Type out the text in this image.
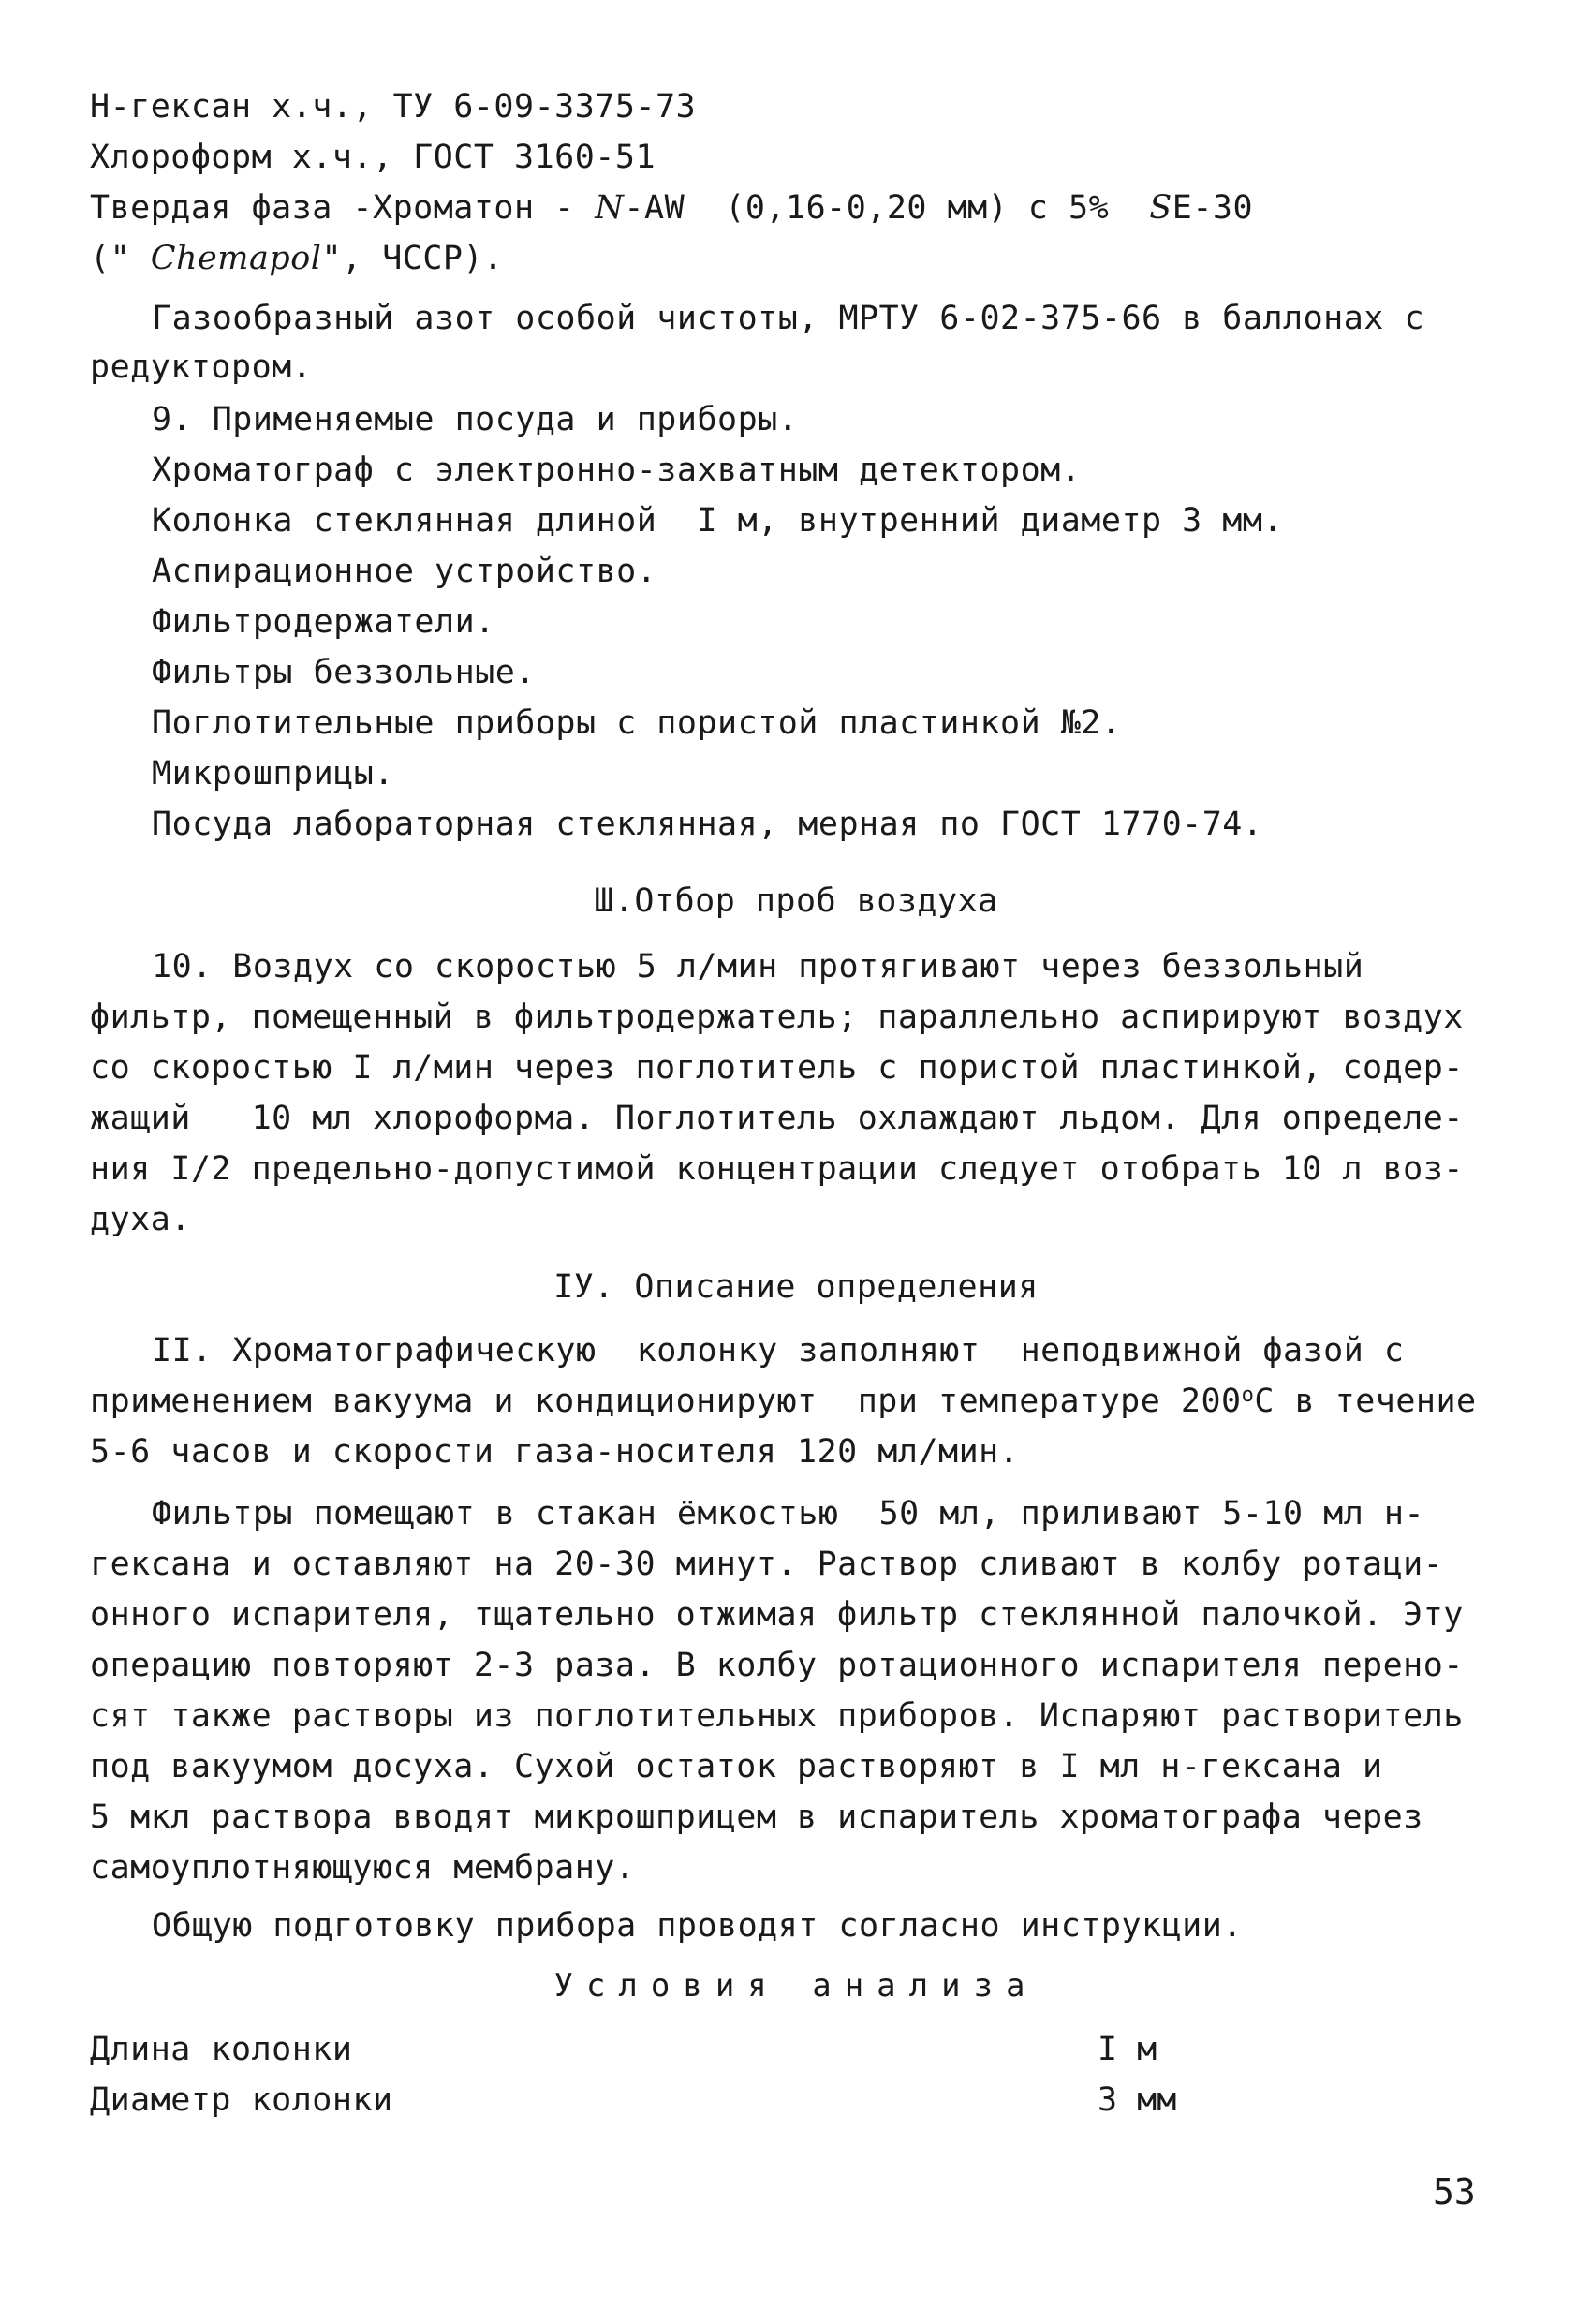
Н-гексан х.ч., ТУ 6-09-3375-73
Хлороформ х.ч., ГОСТ 3160-51
Твердая фаза -Хроматон - N-AW  (0,16-0,20 мм) с 5%  SE-30
(" Chemapol", ЧССР).
Газообразный азот особой чистоты, МРТУ 6-02-375-66 в баллонах с
редуктором.
9. Применяемые посуда и приборы.
Хроматограф с электронно-захватным детектором.
Колонка стеклянная длиной  I м, внутренний диаметр 3 мм.
Аспирационное устройство.
Фильтродержатели.
Фильтры беззольные.
Поглотительные приборы с пористой пластинкой №2.
Микрошприцы.
Посуда лабораторная стеклянная, мерная по ГОСТ 1770-74.
Ш.Отбор проб воздуха
10. Воздух со скоростью 5 л/мин протягивают через беззольный
фильтр, помещенный в фильтродержатель; параллельно аспирируют воздух
со скоростью I л/мин через поглотитель с пористой пластинкой, содер-
жащий   10 мл хлороформа. Поглотитель охлаждают льдом. Для определе-
ния I/2 предельно-допустимой концентрации следует отобрать 10 л воз-
духа.
IУ. Описание определения
II. Хроматографическую  колонку заполняют  неподвижной фазой с
применением вакуума и кондиционируют  при температуре $200^оС$ в течение
5-6 часов и скорости газа-носителя 120 мл/мин.
Фильтры помещают в стакан ёмкостью  50 мл, приливают 5-10 мл н-
гексана и оставляют на 20-30 минут. Раствор сливают в колбу ротаци-
онного испарителя, тщательно отжимая фильтр стеклянной палочкой. Эту
операцию повторяют 2-3 раза. В колбу ротационного испарителя перено-
сят также растворы из поглотительных приборов. Испаряют растворитель
под вакуумом досуха. Сухой остаток растворяют в I мл н-гексана и
5 мкл раствора вводят микрошприцем в испаритель хроматографа через
самоуплотняющуюся мембрану.
Общую подготовку прибора проводят согласно инструкции.
Условия анализа
Длина колонки	I м
Диаметр колонки	3 мм
53
